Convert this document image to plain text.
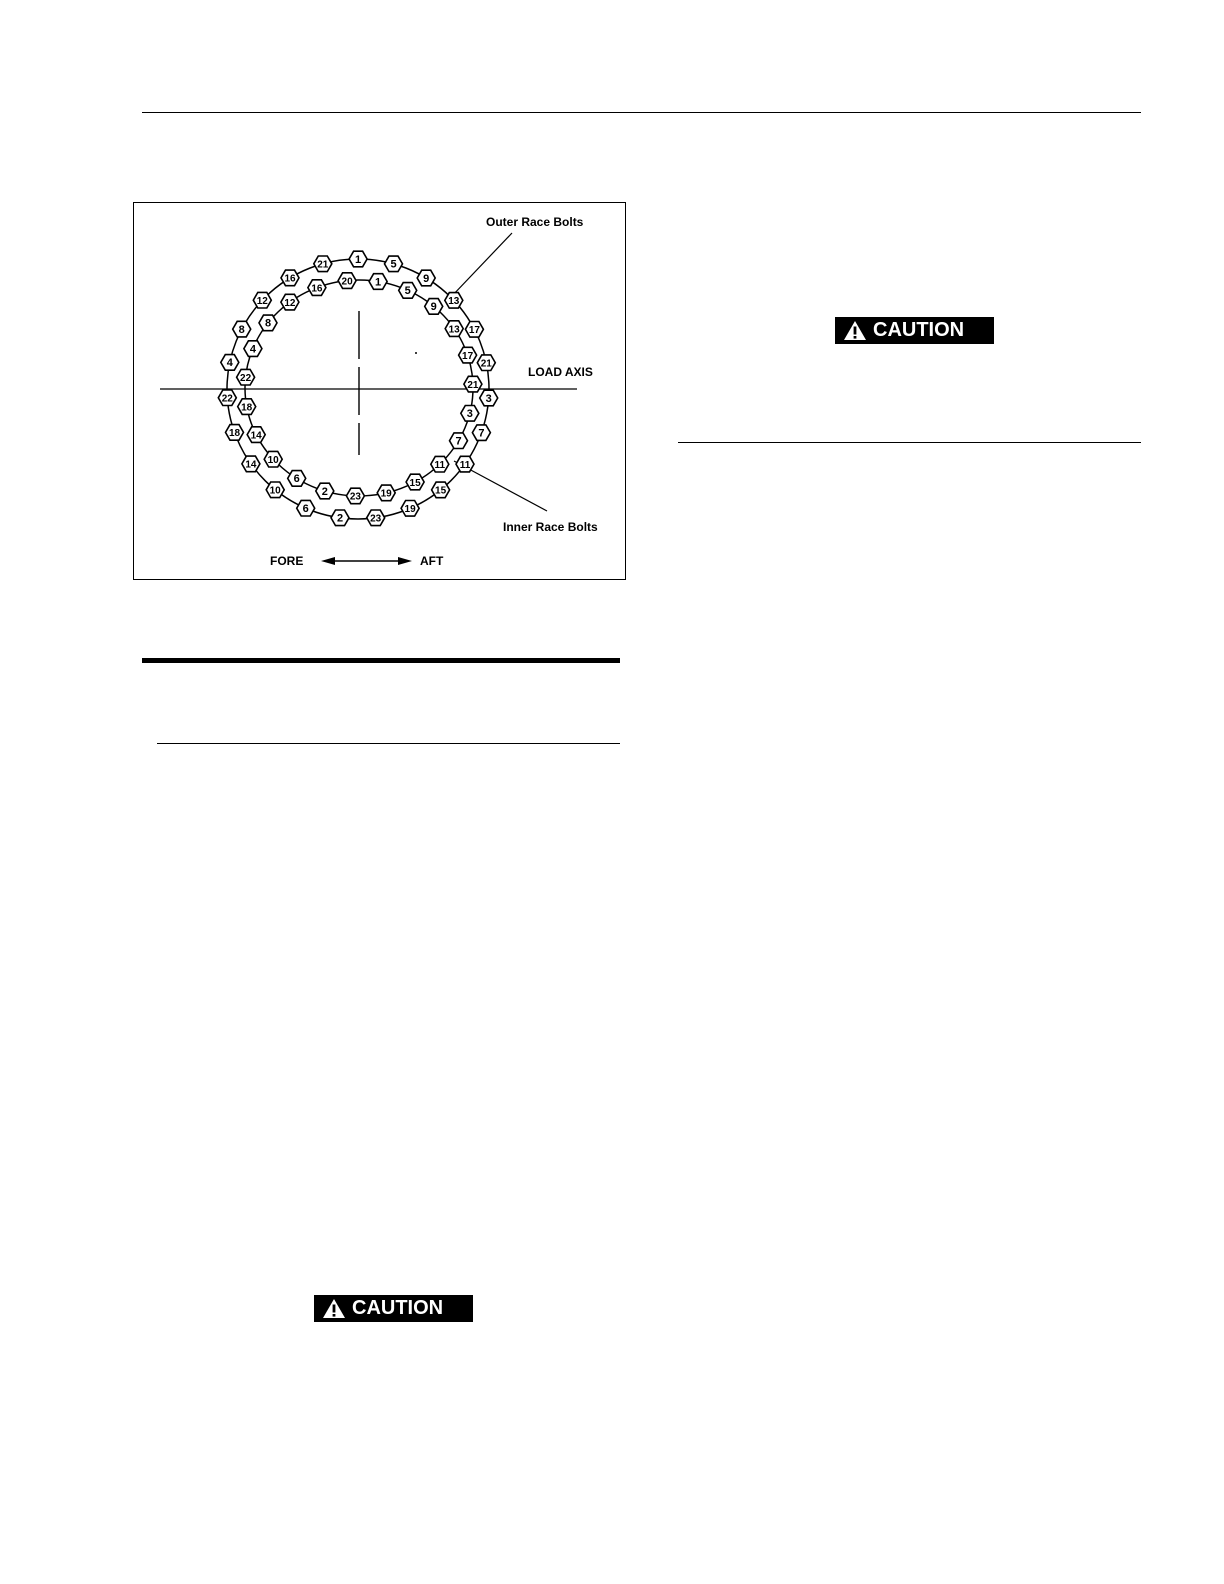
21 1	5
9
13
17
21
3
7
11
15
19
23
2
6
10
14
18
22
4
8
12
16	20 1
5
9
13
17
21
3
7
11
15
19
23
2
6
10
14
18
22
4
8
12
16
Outer Race Bolts
LOAD AXIS
Inner Race Bolts
FORE	AFT
CAUTION
CAUTION
